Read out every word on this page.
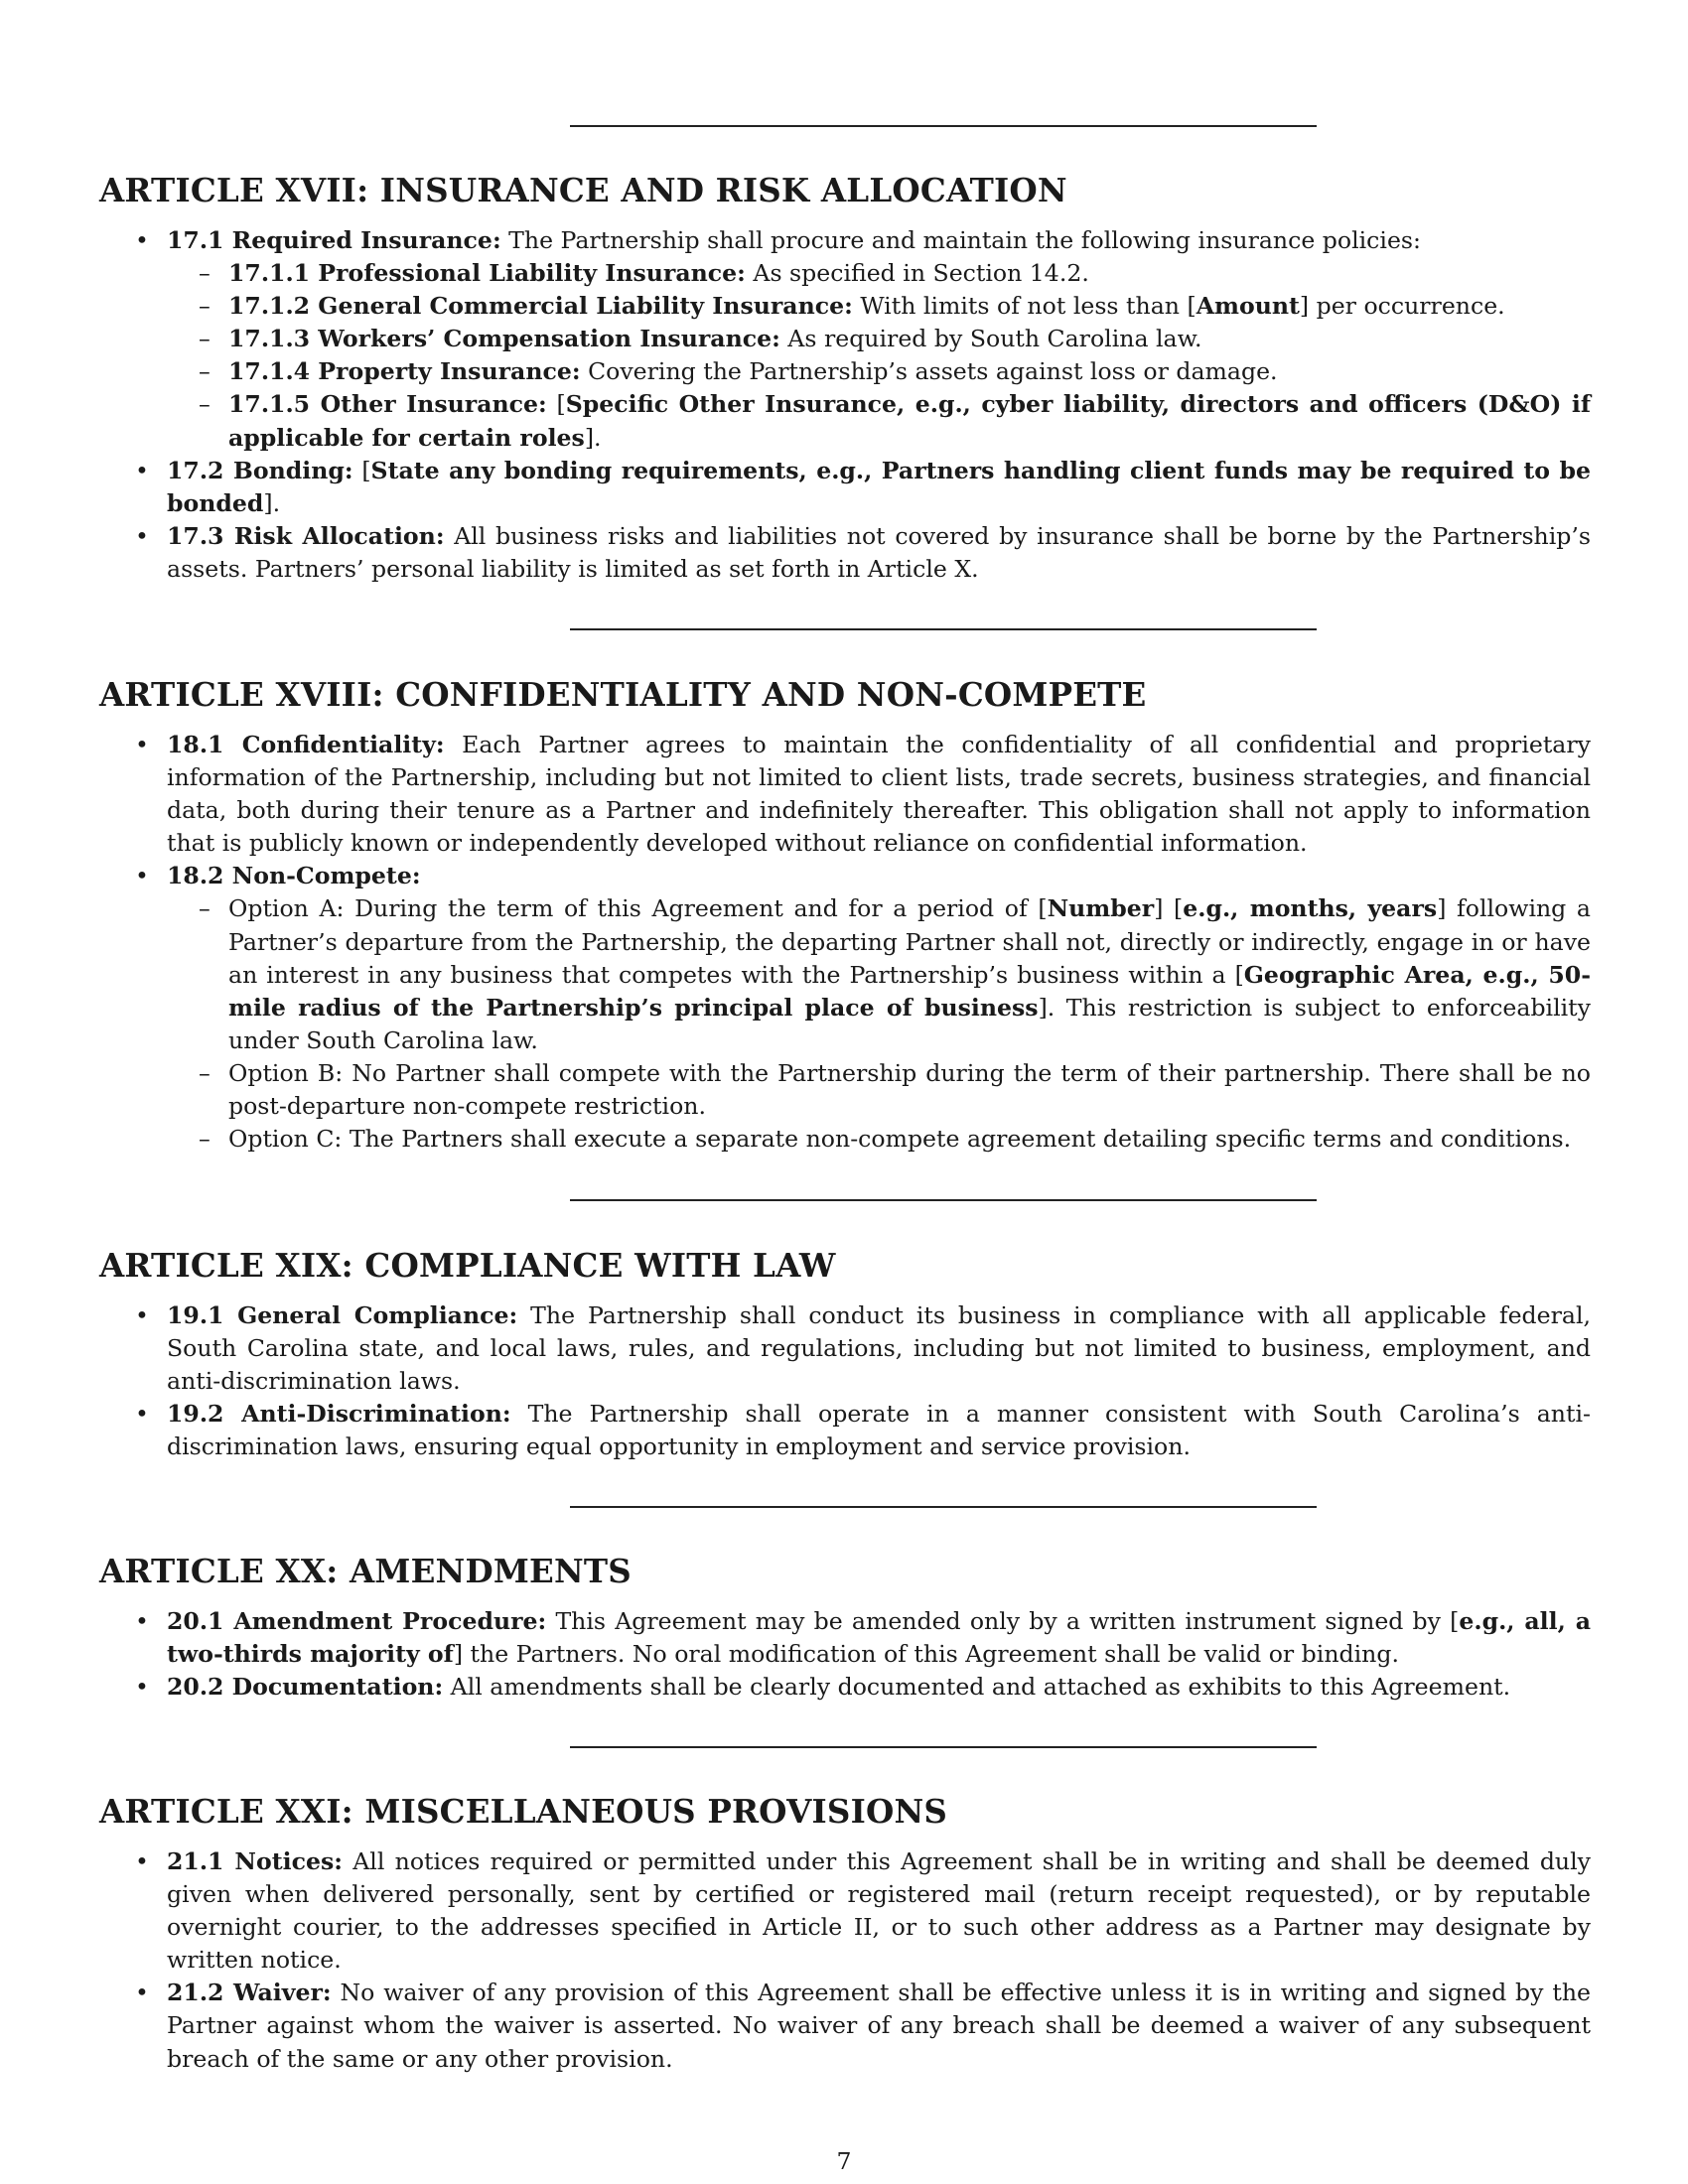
ARTICLE XVII: INSURANCE AND RISK ALLOCATION
• 17.1 Required Insurance: The Partnership shall procure and maintain the following insurance policies:
– 17.1.1 Professional Liability Insurance: As specified in Section 14.2.
– 17.1.2 General Commercial Liability Insurance: With limits of not less than [Amount] per occurrence.
– 17.1.3 Workers’ Compensation Insurance: As required by South Carolina law.
– 17.1.4 Property Insurance: Covering the Partnership’s assets against loss or damage.
– 17.1.5 Other Insurance: [Specific Other Insurance, e.g., cyber liability, directors and officers (D&O) if applicable for certain roles].
• 17.2 Bonding: [State any bonding requirements, e.g., Partners handling client funds may be required to be bonded].
• 17.3 Risk Allocation: All business risks and liabilities not covered by insurance shall be borne by the Partnership’s assets. Partners’ personal liability is limited as set forth in Article X.
ARTICLE XVIII: CONFIDENTIALITY AND NON-COMPETE
• 18.1 Confidentiality: Each Partner agrees to maintain the confidentiality of all confidential and proprietary information of the Partnership, including but not limited to client lists, trade secrets, business strategies, and financial data, both during their tenure as a Partner and indefinitely thereafter. This obligation shall not apply to information that is publicly known or independently developed without reliance on confidential information.
• 18.2 Non-Compete:
– Option A: During the term of this Agreement and for a period of [Number] [e.g., months, years] following a Partner’s departure from the Partnership, the departing Partner shall not, directly or indirectly, engage in or have an interest in any business that competes with the Partnership’s business within a [Geographic Area, e.g., 50-mile radius of the Partnership’s principal place of business]. This restriction is subject to enforceability under South Carolina law.
– Option B: No Partner shall compete with the Partnership during the term of their partnership. There shall be no post-departure non-compete restriction.
– Option C: The Partners shall execute a separate non-compete agreement detailing specific terms and conditions.
ARTICLE XIX: COMPLIANCE WITH LAW
• 19.1 General Compliance: The Partnership shall conduct its business in compliance with all applicable federal, South Carolina state, and local laws, rules, and regulations, including but not limited to business, employment, and anti-discrimination laws.
• 19.2 Anti-Discrimination: The Partnership shall operate in a manner consistent with South Carolina’s anti-discrimination laws, ensuring equal opportunity in employment and service provision.
ARTICLE XX: AMENDMENTS
• 20.1 Amendment Procedure: This Agreement may be amended only by a written instrument signed by [e.g., all, a two-thirds majority of] the Partners. No oral modification of this Agreement shall be valid or binding.
• 20.2 Documentation: All amendments shall be clearly documented and attached as exhibits to this Agreement.
ARTICLE XXI: MISCELLANEOUS PROVISIONS
• 21.1 Notices: All notices required or permitted under this Agreement shall be in writing and shall be deemed duly given when delivered personally, sent by certified or registered mail (return receipt requested), or by reputable overnight courier, to the addresses specified in Article II, or to such other address as a Partner may designate by written notice.
• 21.2 Waiver: No waiver of any provision of this Agreement shall be effective unless it is in writing and signed by the Partner against whom the waiver is asserted. No waiver of any breach shall be deemed a waiver of any subsequent breach of the same or any other provision.
7
